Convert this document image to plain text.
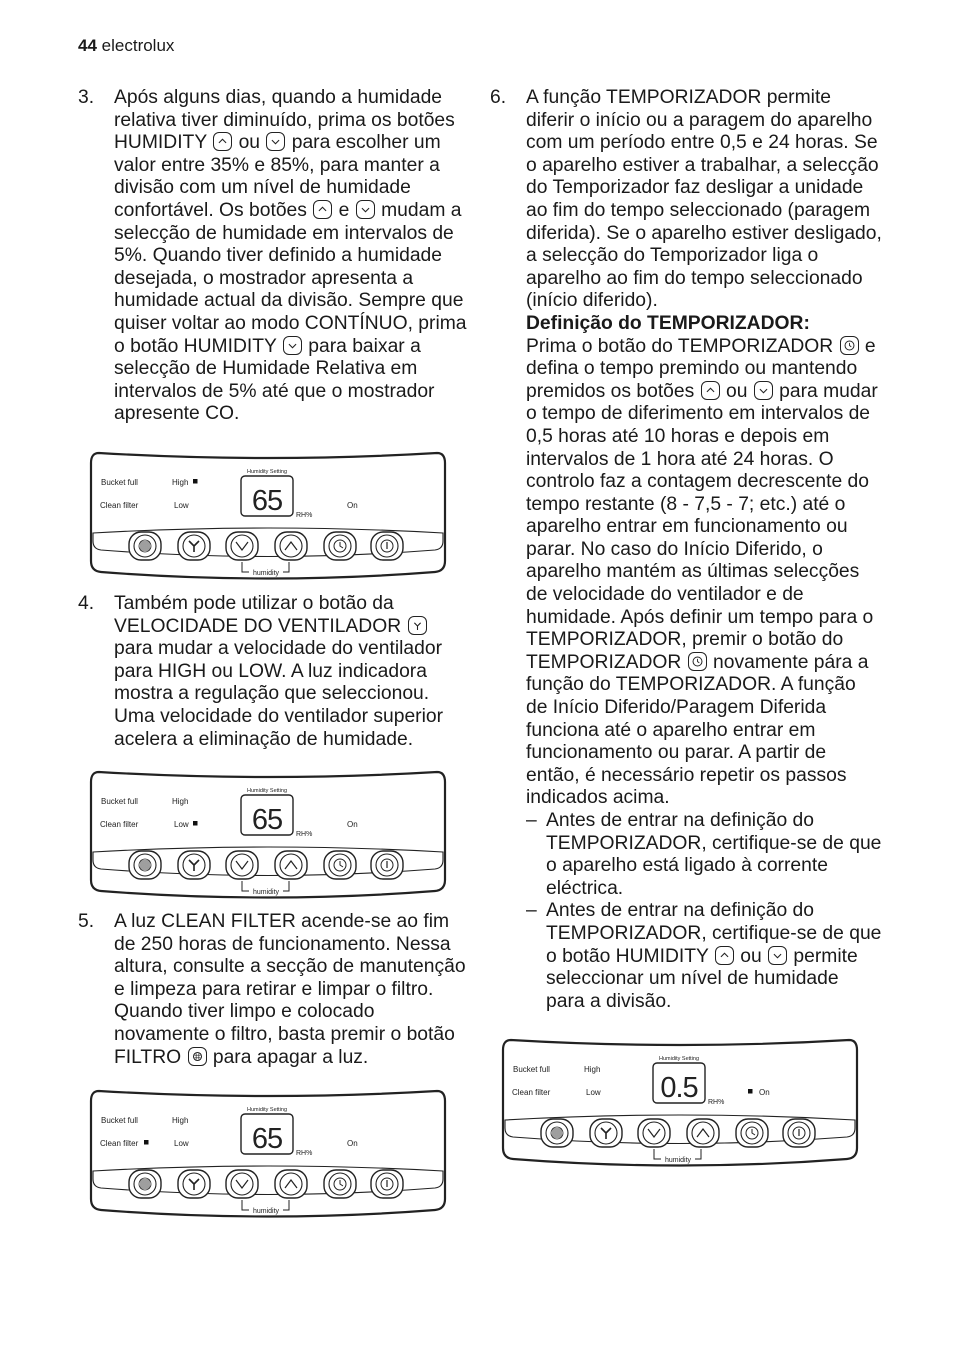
44 electrolux
3. Após alguns dias, quando a humidade relativa tiver diminuído, prima os botões HUMIDITY ou para escolher um valor entre 35% e 85%, para manter a divisão com um nível de humidade confortável. Os botões e mudam a selecção de humidade em intervalos de 5%. Quando tiver definido a humidade desejada, o mostrador apresenta a humidade actual da divisão. Sempre que quiser voltar ao modo CONTÍNUO, prima o botão HUMIDITY para baixar a selecção de Humidade Relativa em intervalos de 5% até que o mostrador apresente CO.

4. Também pode utilizar o botão da VELOCIDADE DO VENTILADOR
para mudar a velocidade do ventilador para HIGH ou LOW. A luz indicadora mostra a regulação que seleccionou. Uma velocidade do ventilador superior acelera a eliminação de humidade.

5. A luz CLEAN FILTER acende-se ao fim de 250 horas de funcionamento. Nessa altura, consulte a secção de manutenção e limpeza para retirar e limpar o filtro. Quando tiver limpo e colocado novamente o filtro, basta premir o botão FILTRO para apagar a luz.

6. A função TEMPORIZADOR permite diferir o início ou a paragem do aparelho com um período entre 0,5 e 24 horas. Se o aparelho estiver a trabalhar, a selecção do Temporizador faz desligar a unidade ao fim do tempo seleccionado (paragem diferida). Se o aparelho estiver desligado, a selecção do Temporizador liga o aparelho ao fim do tempo seleccionado (início diferido).

Definição do TEMPORIZADOR:

Prima o botão do TEMPORIZADOR e defina o tempo premindo ou mantendo premidos os botões ou para mudar o tempo de diferimento em intervalos de 0,5 horas até 10 horas e depois em intervalos de 1 hora até 24 horas. O controlo faz a contagem decrescente do tempo restante (8 - 7,5 - 7; etc.) até o aparelho entrar em funcionamento ou parar. No caso do Início Diferido, o aparelho mantém as últimas selecções de velocidade do ventilador e de humidade. Após definir um tempo para o TEMPORIZADOR, premir o botão do TEMPORIZADOR novamente pára a função do TEMPORIZADOR. A função de Início Diferido/Paragem Diferida funciona até o aparelho entrar em funcionamento ou parar. A partir de então, é necessário repetir os passos indicados acima.

– Antes de entrar na definição do TEMPORIZADOR, certifique-se de que o aparelho está ligado à corrente eléctrica.
– Antes de entrar na definição do TEMPORIZADOR, certifique-se de que o botão HUMIDITY ou permite seleccionar um nível de humidade para a divisão.
Bucket full
Clean filter
High
Low
Humidity Setting
RH%
On
65
humidity
Bucket full
Clean filter
High
Low
Humidity Setting
RH%
On
65
humidity
Bucket full
Clean filter
High
Low
Humidity Setting
RH%
On
65
humidity
Bucket full
Clean filter
High
Low
Humidity Setting
RH%
On
0.5
humidity
